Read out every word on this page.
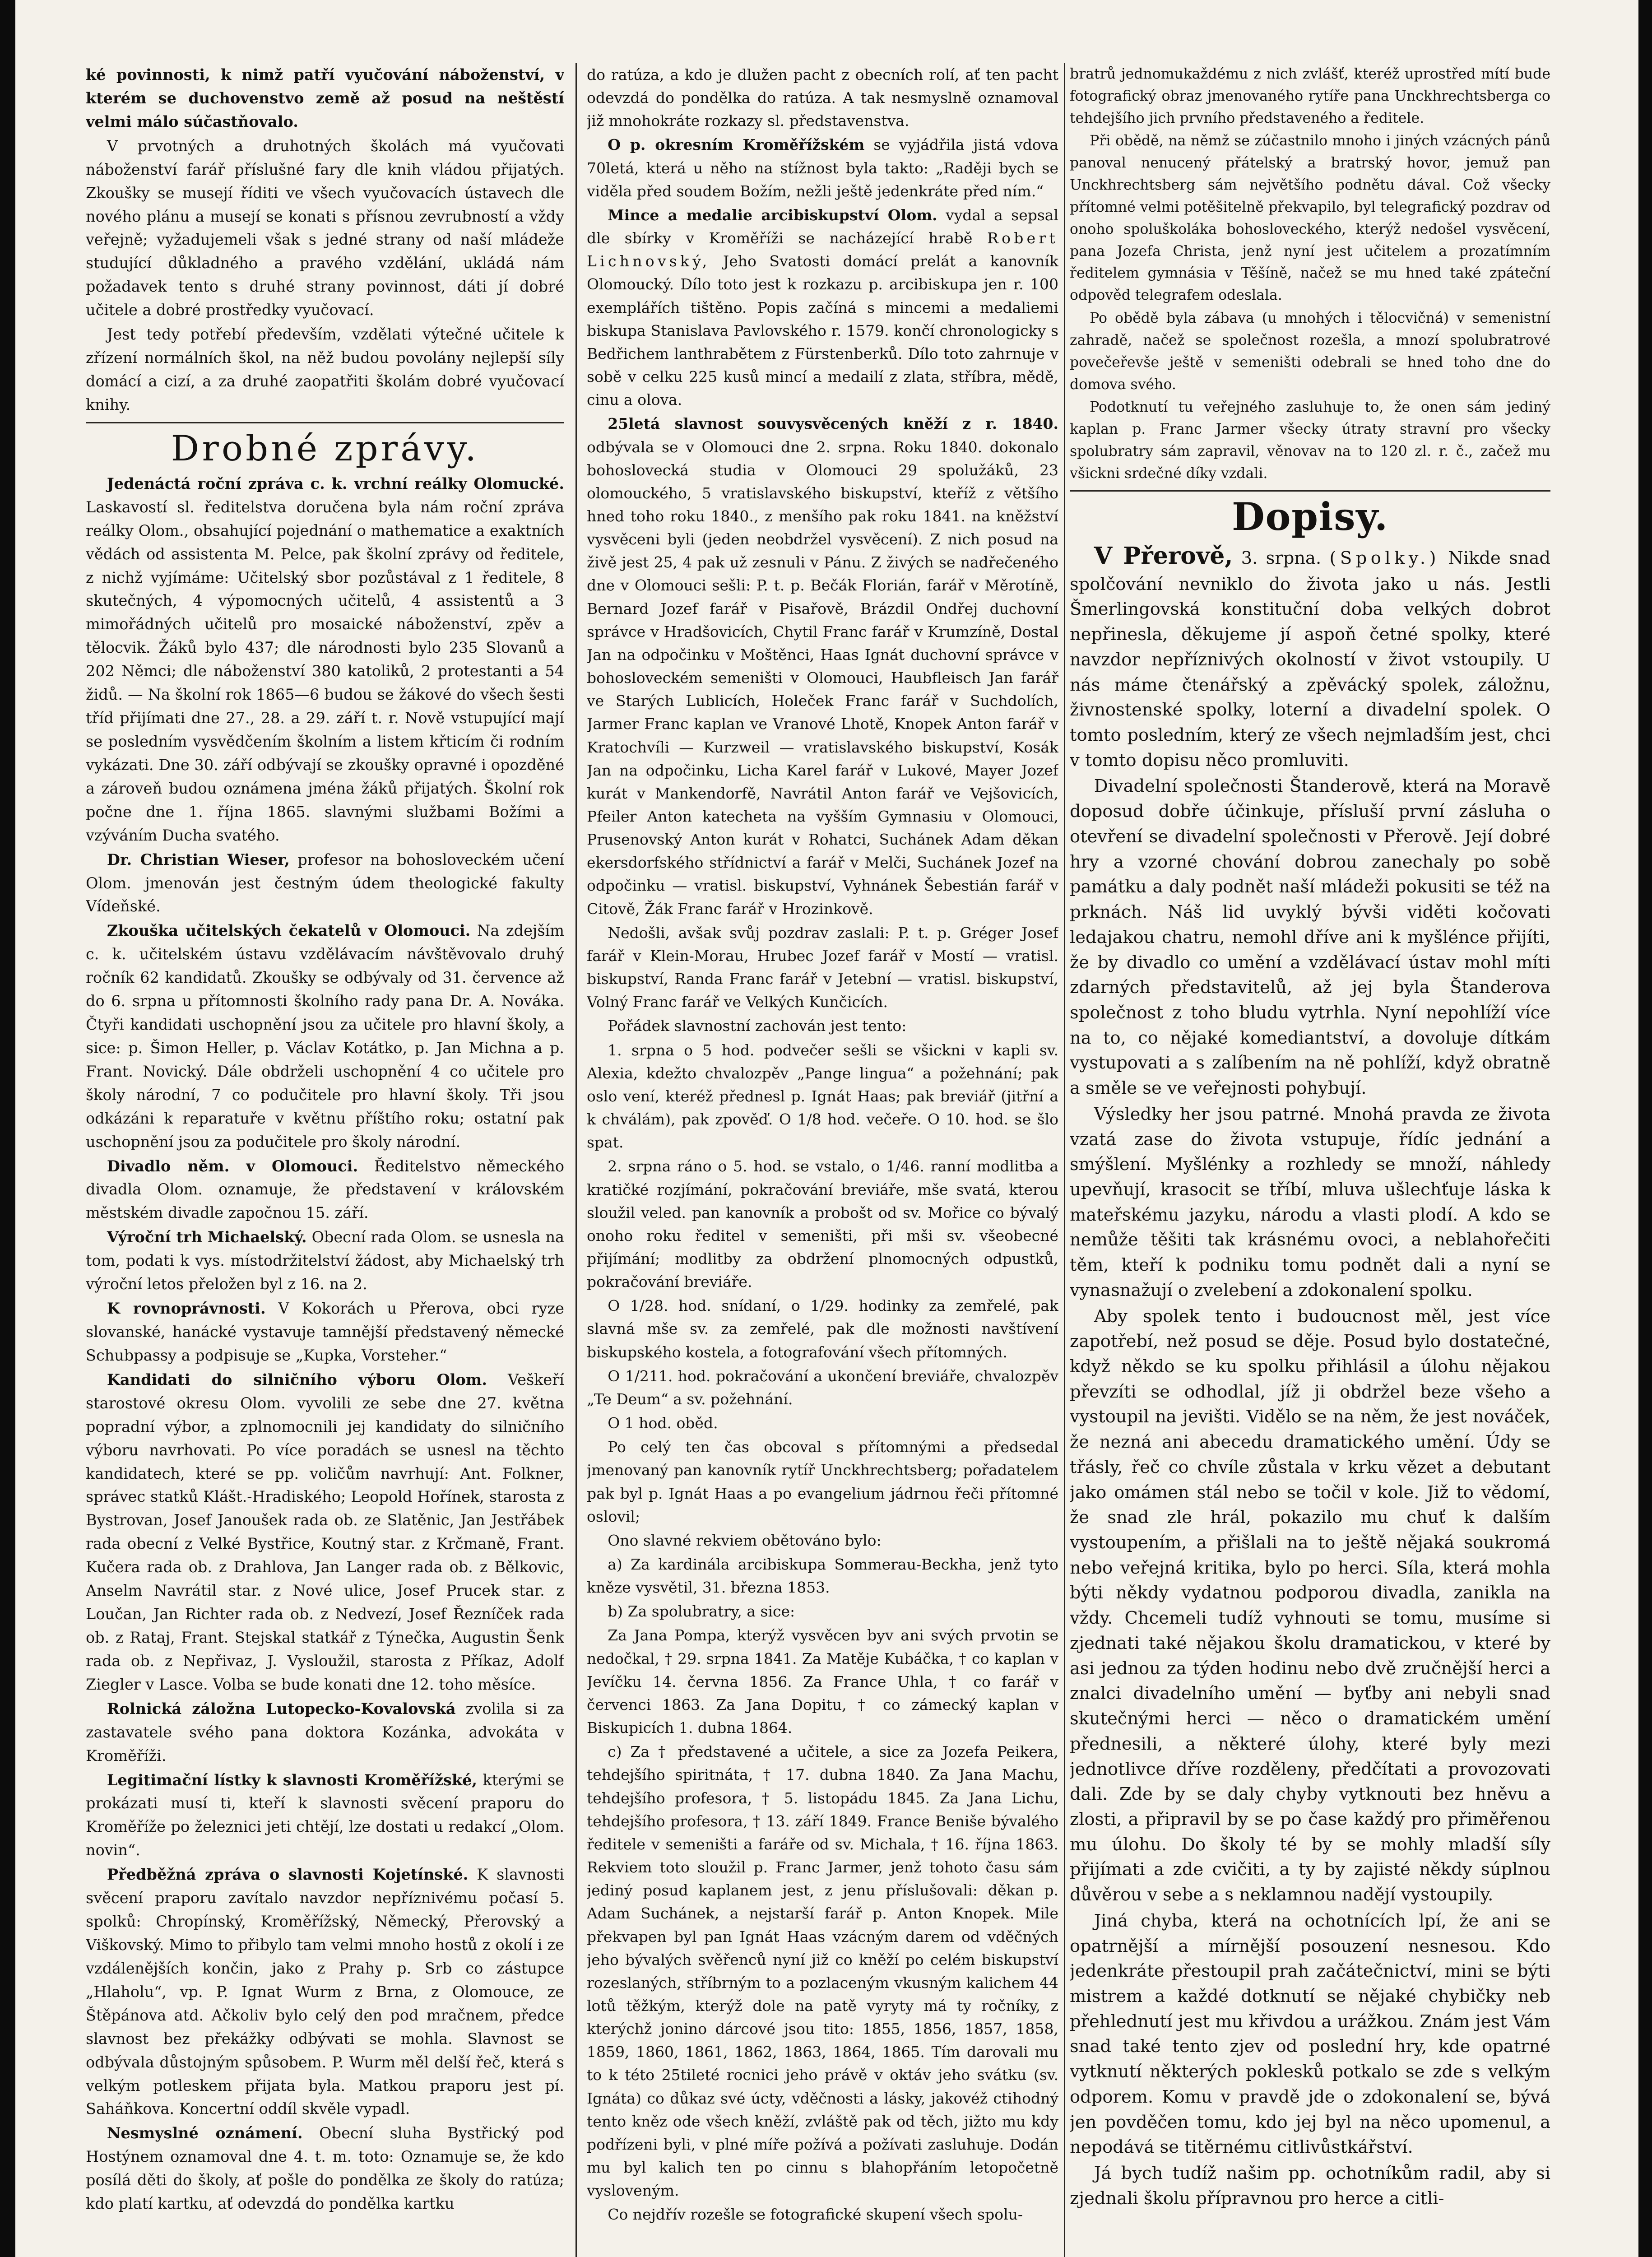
ké povinnosti, k nimž patří vyučování náboženství, v kterém se duchovenstvo země až posud na neštěstí velmi málo súčastňovalo.

V prvotných a druhotných školách má vyučovati náboženství farář příslušné fary dle knih vládou přijatých. Zkoušky se musejí říditi ve všech vyučovacích ústavech dle nového plánu a musejí se konati s přísnou zevrubností a vždy veřejně; vyžadujemeli však s jedné strany od naší mládeže studující důkladného a pravého vzdělání, ukládá nám požadavek tento s druhé strany povinnost, dáti jí dobré učitele a dobré prostředky vyučovací.

Jest tedy potřebí především, vzdělati výtečné učitele k zřízení normálních škol, na něž budou povolány nejlepší síly domácí a cizí, a za druhé zaopatřiti školám dobré vyučovací knihy.

Drobné zprávy.

Jedenáctá roční zpráva c. k. vrchní reálky Olomucké. Laskavostí sl. ředitelstva doručena byla nám roční zpráva reálky Olom., obsahující pojednání o mathematice a exaktních vědách od assistenta M. Pelce, pak školní zprávy od ředitele, z nichž vyjímáme: Učitelský sbor pozůstával z 1 ředitele, 8 skutečných, 4 výpomocných učitelů, 4 assistentů a 3 mimořádných učitelů pro mosaické náboženství, zpěv a tělocvik. Žáků bylo 437; dle národnosti bylo 235 Slovanů a 202 Němci; dle náboženství 380 katoliků, 2 protestanti a 54 židů. — Na školní rok 1865—6 budou se žákové do všech šesti tříd přijímati dne 27., 28. a 29. září t. r. Nově vstupující mají se posledním vysvědčením školním a listem křticím či rodním vykázati. Dne 30. září odbývají se zkoušky opravné i opozděné a zároveň budou oznámena jména žáků přijatých. Školní rok počne dne 1. října 1865. slavnými službami Božími a vzýváním Ducha svatého.

Dr. Christian Wieser, profesor na bohosloveckém učení Olom. jmenován jest čestným údem theologické fakulty Vídeňské.

Zkouška učitelských čekatelů v Olomouci. Na zdejším c. k. učitelském ústavu vzdělávacím návštěvovalo druhý ročník 62 kandidatů. Zkoušky se odbývaly od 31. července až do 6. srpna u přítomnosti školního rady pana Dr. A. Nováka. Čtyři kandidati uschopnění jsou za učitele pro hlavní školy, a sice: p. Šimon Heller, p. Václav Kotátko, p. Jan Michna a p. Frant. Novický. Dále obdrželi uschopnění 4 co učitele pro školy národní, 7 co podučitele pro hlavní školy. Tři jsou odkázáni k reparatuře v květnu příštího roku; ostatní pak uschopnění jsou za podučitele pro školy národní.

Divadlo něm. v Olomouci. Ředitelstvo německého divadla Olom. oznamuje, že představení v královském městském divadle započnou 15. září.

Výroční trh Michaelský. Obecní rada Olom. se usnesla na tom, podati k vys. místodržitelství žádost, aby Michaelský trh výroční letos přeložen byl z 16. na 2.

K rovnoprávnosti. V Kokorách u Přerova, obci ryze slovanské, hanácké vystavuje tamnější představený německé Schubpassy a podpisuje se „Kupka, Vorsteher.“

Kandidati do silničního výboru Olom. Veškeří starostové okresu Olom. vyvolili ze sebe dne 27. května popradní výbor, a zplnomocnili jej kandidaty do silničního výboru navrhovati. Po více poradách se usnesl na těchto kandidatech, které se pp. voličům navrhují: Ant. Folkner, správec statků Klášt.-Hradiského; Leopold Hořínek, starosta z Bystrovan, Josef Janoušek rada ob. ze Slatěnic, Jan Jestřábek rada obecní z Velké Bystřice, Koutný star. z Krčmaně, Frant. Kučera rada ob. z Drahlova, Jan Langer rada ob. z Bělkovic, Anselm Navrátil star. z Nové ulice, Josef Prucek star. z Loučan, Jan Richter rada ob. z Nedvezí, Josef Řezníček rada ob. z Rataj, Frant. Stejskal statkář z Týnečka, Augustin Šenk rada ob. z Nepřivaz, J. Vysloužil, starosta z Příkaz, Adolf Ziegler v Lasce. Volba se bude konati dne 12. toho měsíce.

Rolnická záložna Lutopecko-Kovalovská zvolila si za zastavatele svého pana doktora Kozánka, advokáta v Kroměříži.

Legitimační lístky k slavnosti Kroměřížské, kterými se prokázati musí ti, kteří k slavnosti svěcení praporu do Kroměříže po železnici jeti chtějí, lze dostati u redakcí „Olom. novin“.

Předběžná zpráva o slavnosti Kojetínské. K slavnosti svěcení praporu zavítalo navzdor nepříznivému počasí 5. spolků: Chropínský, Kroměřížský, Německý, Přerovský a Viškovský. Mimo to přibylo tam velmi mnoho hostů z okolí i ze vzdálenějších končin, jako z Prahy p. Srb co zástupce „Hlaholu“, vp. P. Ignat Wurm z Brna, z Olomouce, ze Štěpánova atd. Ačkoliv bylo celý den pod mračnem, předce slavnost bez překážky odbývati se mohla. Slavnost se odbývala důstojným spůsobem. P. Wurm měl delší řeč, která s velkým potleskem přijata byla. Matkou praporu jest pí. Saháňkova. Koncertní oddíl skvěle vypadl.

Nesmyslné oznámení. Obecní sluha Bystřický pod Hostýnem oznamoval dne 4. t. m. toto: Oznamuje se, že kdo posílá děti do školy, ať pošle do pondělka ze školy do ratúza; kdo platí kartku, ať odevzdá do pondělka kartku

do ratúza, a kdo je dlužen pacht z obecních rolí, ať ten pacht odevzdá do pondělka do ratúza. A tak nesmyslně oznamoval již mnohokráte rozkazy sl. představenstva.

O p. okresním Kroměřížském se vyjádřila jistá vdova 70letá, která u něho na stížnost byla takto: „Raději bych se viděla před soudem Božím, nežli ještě jedenkráte před ním.“

Mince a medalie arcibiskupství Olom. vydal a sepsal dle sbírky v Kroměříži se nacházející hrabě Robert Lichnovský, Jeho Svatosti domácí prelát a kanovník Olomoucký. Dílo toto jest k rozkazu p. arcibiskupa jen r. 100 exemplářích tištěno. Popis začíná s mincemi a medaliemi biskupa Stanislava Pavlovského r. 1579. končí chronologicky s Bedřichem lanthrabětem z Fürstenberků. Dílo toto zahrnuje v sobě v celku 225 kusů mincí a medailí z zlata, stříbra, mědě, cinu a olova.

25letá slavnost souvysvěcených kněží z r. 1840. odbývala se v Olomouci dne 2. srpna. Roku 1840. dokonalo bohoslovecká studia v Olomouci 29 spolužáků, 23 olomouckého, 5 vratislavského biskupství, kteříž z většího hned toho roku 1840., z menšího pak roku 1841. na kněžství vysvěceni byli (jeden neobdržel vysvěcení). Z nich posud na živě jest 25, 4 pak už zesnuli v Pánu. Z živých se nadřečeného dne v Olomouci sešli: P. t. p. Bečák Florián, farář v Měrotíně, Bernard Jozef farář v Pisařově, Brázdil Ondřej duchovní správce v Hradšovicích, Chytil Franc farář v Krumzíně, Dostal Jan na odpočinku v Moštěnci, Haas Ignát duchovní správce v bohosloveckém semeništi v Olomouci, Haubfleisch Jan farář ve Starých Lublicích, Holeček Franc farář v Suchdolích, Jarmer Franc kaplan ve Vranové Lhotě, Knopek Anton farář v Kratochvíli — Kurzweil — vratislavského biskupství, Kosák Jan na odpočinku, Licha Karel farář v Lukové, Mayer Jozef kurát v Mankendorfě, Navrátil Anton farář ve Vejšovicích, Pfeiler Anton katecheta na vyšším Gymnasiu v Olomouci, Prusenovský Anton kurát v Rohatci, Suchánek Adam děkan ekersdorfského střídnictví a farář v Melči, Suchánek Jozef na odpočinku — vratisl. biskupství, Vyhnánek Šebestián farář v Citově, Žák Franc farář v Hrozinkově.

Nedošli, avšak svůj pozdrav zaslali: P. t. p. Gréger Josef farář v Klein-Morau, Hrubec Jozef farář v Mostí — vratisl. biskupství, Randa Franc farář v Jetební — vratisl. biskupství, Volný Franc farář ve Velkých Kunčicích.

Pořádek slavnostní zachován jest tento:

1. srpna o 5 hod. podvečer sešli se všickni v kapli sv. Alexia, kdežto chvalozpěv „Pange lingua“ a požehnání; pak oslo vení, kteréž přednesl p. Ignát Haas; pak breviář (jitřní a k chválám), pak zpověď. O 1/8 hod. večeře. O 10. hod. se šlo spat.

2. srpna ráno o 5. hod. se vstalo, o 1/46. ranní modlitba a kratičké rozjímání, pokračování breviáře, mše svatá, kterou sloužil veled. pan kanovník a probošt od sv. Mořice co bývalý onoho roku ředitel v semeništi, při mši sv. všeobecné přijímání; modlitby za obdržení plnomocných odpustků, pokračování breviáře.

O 1/28. hod. snídaní, o 1/29. hodinky za zemřelé, pak slavná mše sv. za zemřelé, pak dle možnosti navštívení biskupského kostela, a fotografování všech přítomných.

O 1/211. hod. pokračování a ukončení breviáře, chvalozpěv „Te Deum“ a sv. požehnání.

O 1 hod. oběd.

Po celý ten čas obcoval s přítomnými a předsedal jmenovaný pan kanovník rytíř Unckhrechtsberg; pořadatelem pak byl p. Ignát Haas a po evangelium jádrnou řeči přítomné oslovil;

Ono slavné rekviem obětováno bylo:

a) Za kardinála arcibiskupa Sommerau-Beckha, jenž tyto kněze vysvětil, 31. března 1853.

b) Za spolubratry, a sice:

Za Jana Pompa, kterýž vysvěcen byv ani svých prvotin se nedočkal, † 29. srpna 1841. Za Matěje Kubáčka, † co kaplan v Jevíčku 14. června 1856. Za France Uhla, † co farář v červenci 1863. Za Jana Dopitu, † co zámecký kaplan v Biskupicích 1. dubna 1864.

c) Za † představené a učitele, a sice za Jozefa Peikera, tehdejšího spiritnáta, † 17. dubna 1840. Za Jana Machu, tehdejšího profesora, † 5. listopádu 1845. Za Jana Lichu, tehdejšího profesora, † 13. září 1849. France Beniše bývalého ředitele v semeništi a faráře od sv. Michala, † 16. října 1863. Rekviem toto sloužil p. Franc Jarmer, jenž tohoto času sám jediný posud kaplanem jest, z jenu příslušovali: děkan p. Adam Suchánek, a nejstarší farář p. Anton Knopek. Mile překvapen byl pan Ignát Haas vzácným darem od vděčných jeho bývalých svěřenců nyní již co kněží po celém biskupství rozeslaných, stříbrným to a pozlaceným vkusným kalichem 44 lotů těžkým, kterýž dole na patě vyryty má ty ročníky, z kterýchž jonino dárcové jsou tito: 1855, 1856, 1857, 1858, 1859, 1860, 1861, 1862, 1863, 1864, 1865. Tím darovali mu to k této 25tileté rocnici jeho právě v oktáv jeho svátku (sv. Ignáta) co důkaz své úcty, vděčnosti a lásky, jakovéž ctihodný tento kněz ode všech kněží, zvláště pak od těch, jižto mu kdy podřízeni byli, v plné míře požívá a požívati zasluhuje. Dodán mu byl kalich ten po cinnu s blahopřáním letopočetně vysloveným.

Co nejdřív rozešle se fotografické skupení všech spolu-

bratrů jednomukaždému z nich zvlášť, kteréž uprostřed mítí bude fotografický obraz jmenovaného rytíře pana Unckhrechtsberga co tehdejšího jich prvního představeného a ředitele.

Při obědě, na němž se zúčastnilo mnoho i jiných vzácných pánů panoval nenucený přátelský a bratrský hovor, jemuž pan Unckhrechtsberg sám největšího podnětu dával. Což všecky přítomné velmi potěšitelně překvapilo, byl telegrafický pozdrav od onoho spoluškoláka bohosloveckého, kterýž nedošel vysvěcení, pana Jozefa Christa, jenž nyní jest učitelem a prozatímním ředitelem gymnásia v Těšíně, načež se mu hned také zpáteční odpověd telegrafem odeslala.

Po obědě byla zábava (u mnohých i tělocvičná) v semenistní zahradě, načež se společnost rozešla, a mnozí spolubratrové povečeřevše ještě v semeništi odebrali se hned toho dne do domova svého.

Podotknutí tu veřejného zasluhuje to, že onen sám jediný kaplan p. Franc Jarmer všecky útraty stravní pro všecky spolubratry sám zapravil, věnovav na to 120 zl. r. č., začež mu všickni srdečné díky vzdali.

Dopisy.

V Přerově, 3. srpna. (Spolky.) Nikde snad spolčování nevniklo do života jako u nás. Jestli Šmerlingovská konstituční doba velkých dobrot nepřinesla, děkujeme jí aspoň četné spolky, které navzdor nepříznivých okolností v život vstoupily. U nás máme čtenářský a zpěvácký spolek, záložnu, živnostenské spolky, loterní a divadelní spolek. O tomto posledním, který ze všech nejmladším jest, chci v tomto dopisu něco promluviti.

Divadelní společnosti Štanderově, která na Moravě doposud dobře účinkuje, přísluší první zásluha o otevření se divadelní společnosti v Přerově. Její dobré hry a vzorné chování dobrou zanechaly po sobě památku a daly podnět naší mládeži pokusiti se též na prknách. Náš lid uvyklý bývši viděti kočovati ledajakou chatru, nemohl dříve ani k myšlénce přijíti, že by divadlo co umění a vzdělávací ústav mohl míti zdarných představitelů, až jej byla Štanderova společnost z toho bludu vytrhla. Nyní nepohlíží více na to, co nějaké komediantství, a dovoluje dítkám vystupovati a s zalíbením na ně pohlíží, když obratně a směle se ve veřejnosti pohybují.

Výsledky her jsou patrné. Mnohá pravda ze života vzatá zase do života vstupuje, řídíc jednání a smýšlení. Myšlénky a rozhledy se množí, náhledy upevňují, krasocit se tříbí, mluva ušlechťuje láska k mateřskému jazyku, národu a vlasti plodí. A kdo se nemůže těšiti tak krásnému ovoci, a neblahořečiti těm, kteří k podniku tomu podnět dali a nyní se vynasnažují o zvelebení a zdokonalení spolku.

Aby spolek tento i budoucnost měl, jest více zapotřebí, než posud se děje. Posud bylo dostatečné, když někdo se ku spolku přihlásil a úlohu nějakou převzíti se odhodlal, jíž ji obdržel beze všeho a vystoupil na jevišti. Vidělo se na něm, že jest nováček, že nezná ani abecedu dramatického umění. Údy se třásly, řeč co chvíle zůstala v krku vězet a debutant jako omámen stál nebo se točil v kole. Již to vědomí, že snad zle hrál, pokazilo mu chuť k dalším vystoupením, a přišlali na to ještě nějaká soukromá nebo veřejná kritika, bylo po herci. Síla, která mohla býti někdy vydatnou podporou divadla, zanikla na vždy. Chcemeli tudíž vyhnouti se tomu, musíme si zjednati také nějakou školu dramatickou, v které by asi jednou za týden hodinu nebo dvě zručnější herci a znalci divadelního umění — byťby ani nebyli snad skutečnými herci — něco o dramatickém umění přednesili, a některé úlohy, které byly mezi jednotlivce dříve rozděleny, předčítati a provozovati dali. Zde by se daly chyby vytknouti bez hněvu a zlosti, a připravil by se po čase každý pro přiměřenou mu úlohu. Do školy té by se mohly mladší síly přijímati a zde cvičiti, a ty by zajisté někdy súplnou důvěrou v sebe a s neklamnou nadějí vystoupily.

Jiná chyba, která na ochotnících lpí, že ani se opatrnější a mírnější posouzení nesnesou. Kdo jedenkráte přestoupil prah začátečnictví, mini se býti mistrem a každé dotknutí se nějaké chybičky neb přehlednutí jest mu křivdou a urážkou. Znám jest Vám snad také tento zjev od poslední hry, kde opatrné vytknutí některých poklesků potkalo se zde s velkým odporem. Komu v pravdě jde o zdokonalení se, bývá jen povděčen tomu, kdo jej byl na něco upomenul, a nepodává se titěrnému citlivůstkářství.

Já bych tudíž našim pp. ochotníkům radil, aby si zjednali školu přípravnou pro herce a citli-
